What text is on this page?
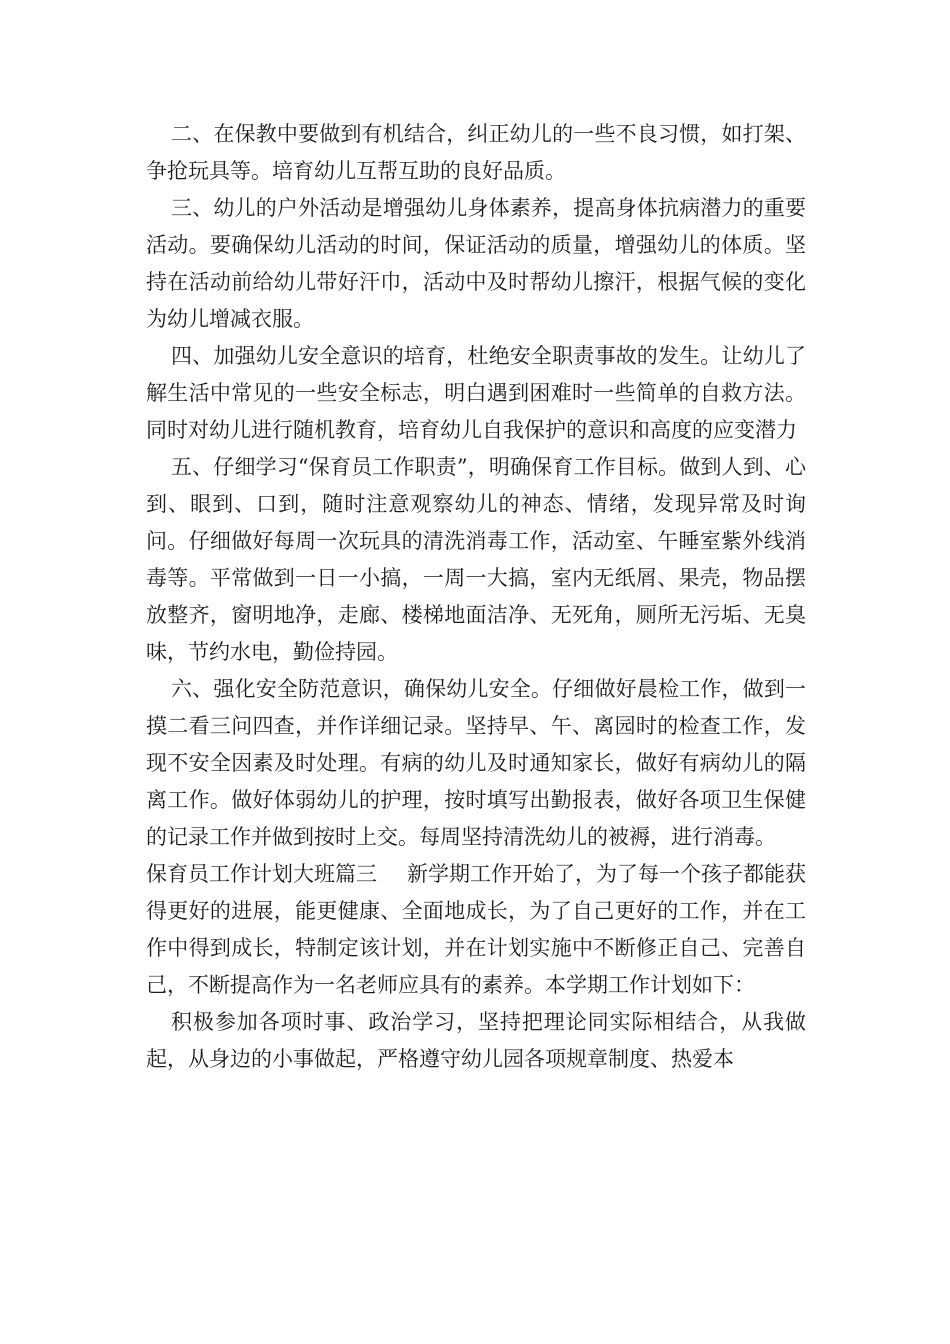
二、在保教中要做到有机结合，纠正幼儿的一些不良习惯，如打架、争抢玩具等。培育幼儿互帮互助的良好品质。

三、幼儿的户外活动是增强幼儿身体素养，提高身体抗病潜力的重要活动。要确保幼儿活动的时间，保证活动的质量，增强幼儿的体质。坚持在活动前给幼儿带好汗巾，活动中及时帮幼儿擦汗，根据气候的变化为幼儿增减衣服。

四、加强幼儿安全意识的培育，杜绝安全职责事故的发生。让幼儿了解生活中常见的一些安全标志，明白遇到困难时一些简单的自救方法。同时对幼儿进行随机教育，培育幼儿自我保护的意识和高度的应变潜力

五、仔细学习“保育员工作职责”，明确保育工作目标。做到人到、心到、眼到、口到，随时注意观察幼儿的神态、情绪，发现异常及时询问。仔细做好每周一次玩具的清洗消毒工作，活动室、午睡室紫外线消毒等。平常做到一日一小搞，一周一大搞，室内无纸屑、果壳，物品摆放整齐，窗明地净，走廊、楼梯地面洁净、无死角，厕所无污垢、无臭味，节约水电，勤俭持园。

六、强化安全防范意识，确保幼儿安全。仔细做好晨检工作，做到一摸二看三问四查，并作详细记录。坚持早、午、离园时的检查工作，发现不安全因素及时处理。有病的幼儿及时通知家长，做好有病幼儿的隔离工作。做好体弱幼儿的护理，按时填写出勤报表，做好各项卫生保健的记录工作并做到按时上交。每周坚持清洗幼儿的被褥，进行消毒。

保育员工作计划大班篇三 新学期工作开始了，为了每一个孩子都能获得更好的进展，能更健康、全面地成长，为了自己更好的工作，并在工作中得到成长，特制定该计划，并在计划实施中不断修正自己、完善自己，不断提高作为一名老师应具有的素养。本学期工作计划如下：

积极参加各项时事、政治学习，坚持把理论同实际相结合，从我做起，从身边的小事做起，严格遵守幼儿园各项规章制度、热爱本
